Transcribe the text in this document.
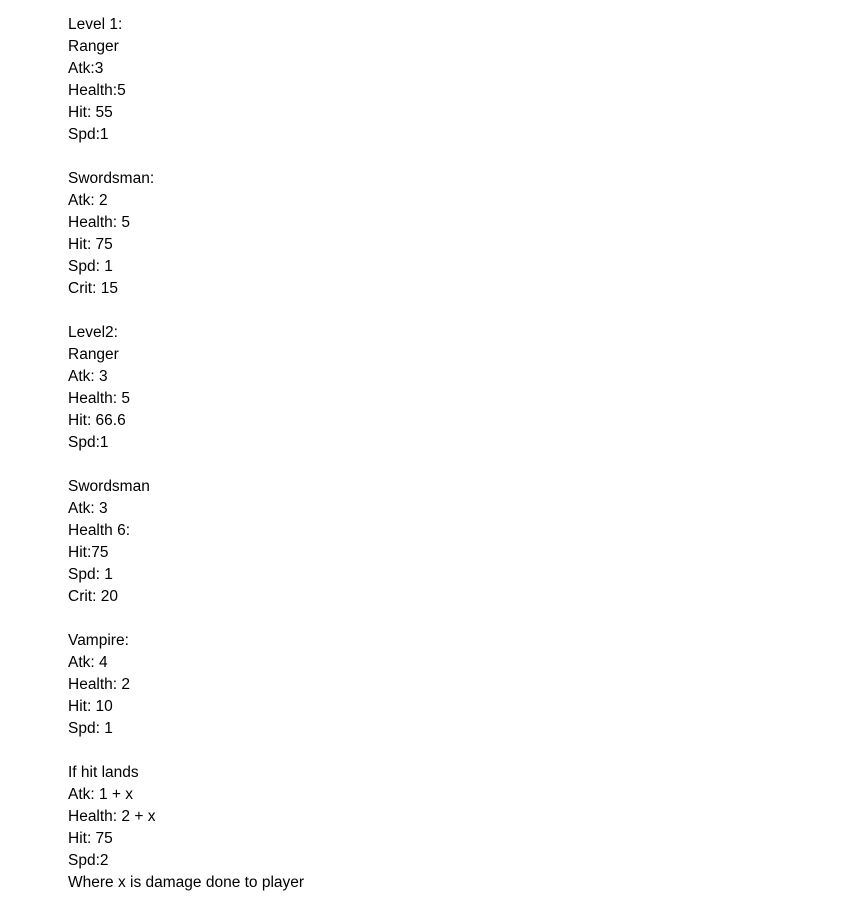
Level 1:
Ranger
Atk:3
Health:5
Hit: 55
Spd:1
Swordsman:
Atk: 2
Health: 5
Hit: 75
Spd: 1
Crit: 15
Level2:
Ranger
Atk: 3
Health: 5
Hit: 66.6
Spd:1
Swordsman
Atk: 3
Health 6:
Hit:75
Spd: 1
Crit: 20
Vampire:
Atk: 4
Health: 2
Hit: 10
Spd: 1
If hit lands
Atk: 1 + x
Health: 2 + x
Hit: 75
Spd:2
Where x is damage done to player
